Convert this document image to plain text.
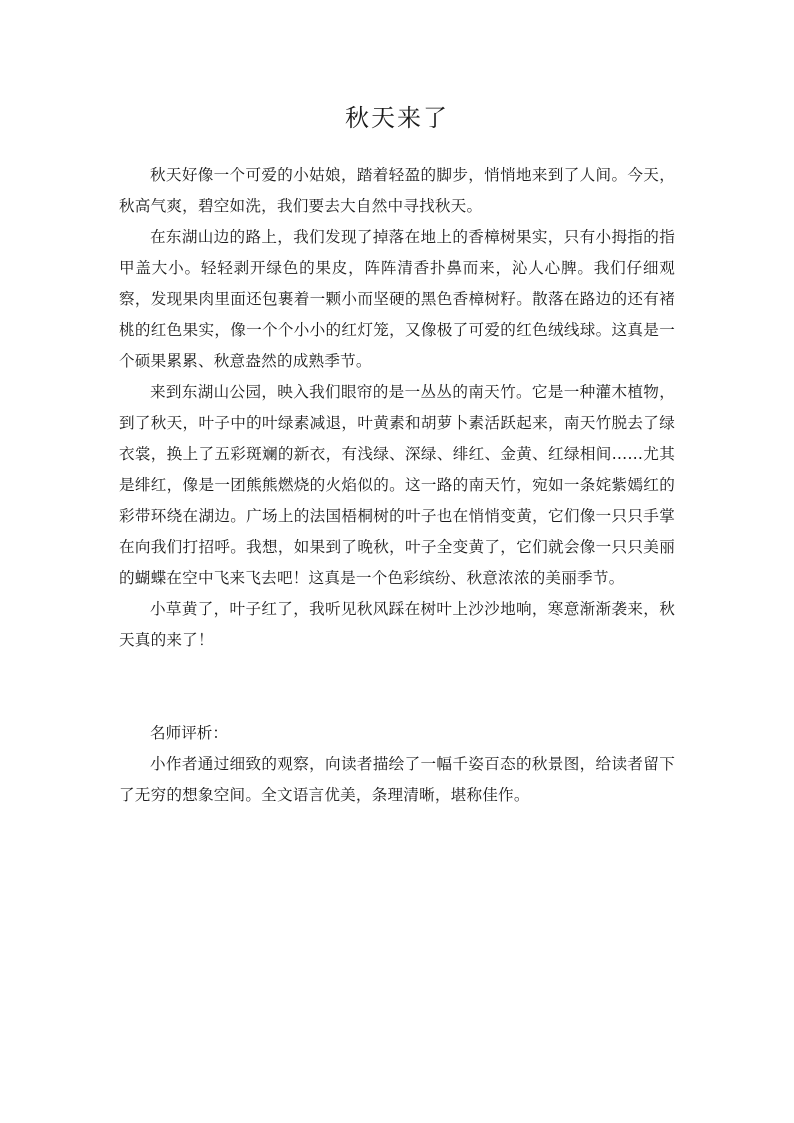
秋天来了

秋天好像一个可爱的小姑娘，踏着轻盈的脚步，悄悄地来到了人间。今天，秋高气爽，碧空如洗，我们要去大自然中寻找秋天。

在东湖山边的路上，我们发现了掉落在地上的香樟树果实，只有小拇指的指甲盖大小。轻轻剥开绿色的果皮，阵阵清香扑鼻而来，沁人心脾。我们仔细观察，发现果肉里面还包裹着一颗小而坚硬的黑色香樟树籽。散落在路边的还有褚桃的红色果实，像一个个小小的红灯笼，又像极了可爱的红色绒线球。这真是一个硕果累累、秋意盎然的成熟季节。

来到东湖山公园，映入我们眼帘的是一丛丛的南天竹。它是一种灌木植物，到了秋天，叶子中的叶绿素减退，叶黄素和胡萝卜素活跃起来，南天竹脱去了绿衣裳，换上了五彩斑斓的新衣，有浅绿、深绿、绯红、金黄、红绿相间……尤其是绯红，像是一团熊熊燃烧的火焰似的。这一路的南天竹，宛如一条姹紫嫣红的彩带环绕在湖边。广场上的法国梧桐树的叶子也在悄悄变黄，它们像一只只手掌在向我们打招呼。我想，如果到了晚秋，叶子全变黄了，它们就会像一只只美丽的蝴蝶在空中飞来飞去吧！这真是一个色彩缤纷、秋意浓浓的美丽季节。

小草黄了，叶子红了，我听见秋风踩在树叶上沙沙地响，寒意渐渐袭来，秋天真的来了！

名师评析：

小作者通过细致的观察，向读者描绘了一幅千姿百态的秋景图，给读者留下了无穷的想象空间。全文语言优美，条理清晰，堪称佳作。
